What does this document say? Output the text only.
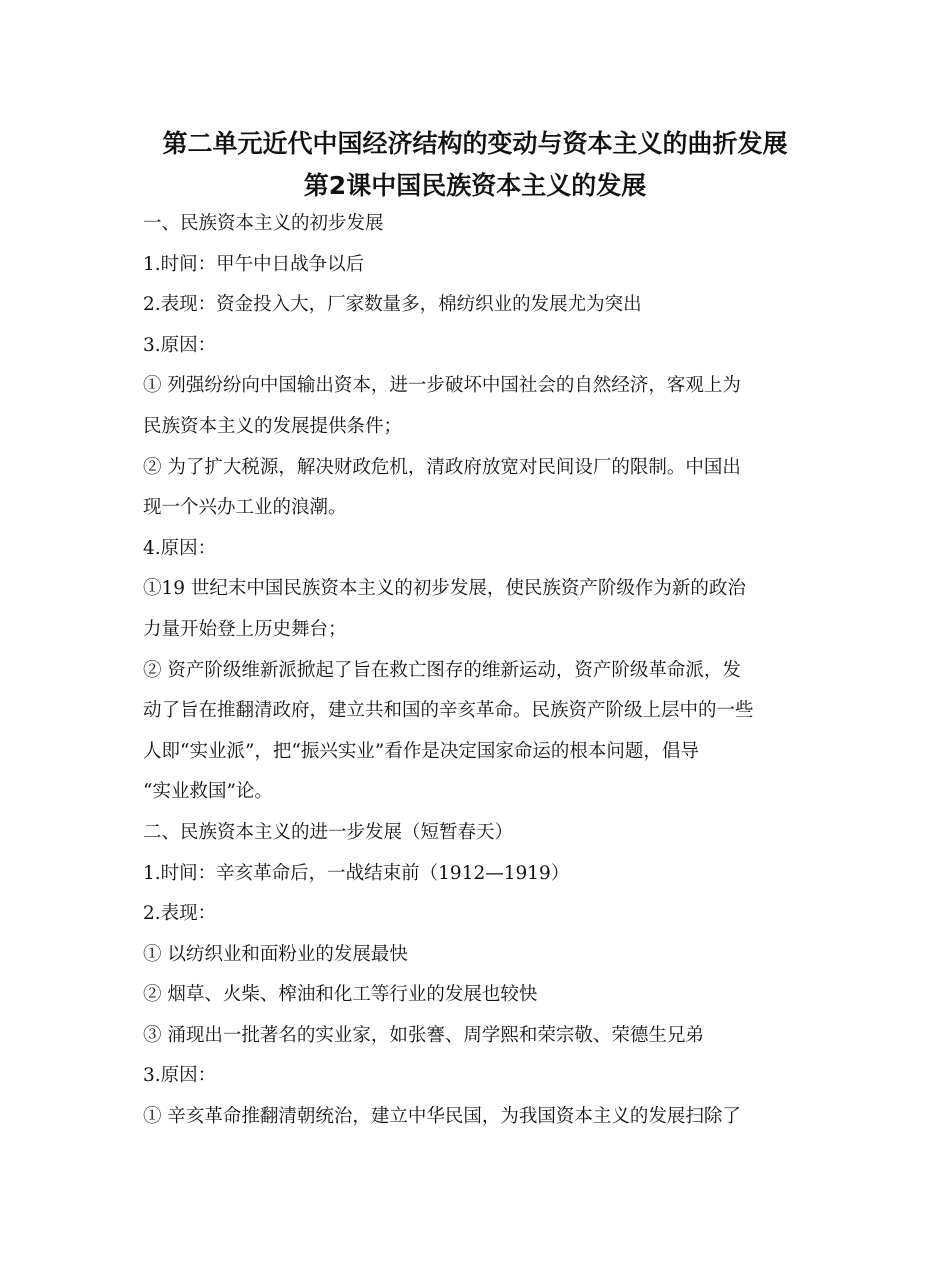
第二单元近代中国经济结构的变动与资本主义的曲折发展
第2课中国民族资本主义的发展

一、民族资本主义的初步发展

1.时间：甲午中日战争以后

2.表现：资金投入大，厂家数量多，棉纺织业的发展尤为突出

3.原因：

① 列强纷纷向中国输出资本，进一步破坏中国社会的自然经济，客观上为

民族资本主义的发展提供条件；

② 为了扩大税源，解决财政危机，清政府放宽对民间设厂的限制。中国出

现一个兴办工业的浪潮。

4.原因：

①19 世纪末中国民族资本主义的初步发展，使民族资产阶级作为新的政治

力量开始登上历史舞台；

② 资产阶级维新派掀起了旨在救亡图存的维新运动，资产阶级革命派，发

动了旨在推翻清政府，建立共和国的辛亥革命。民族资产阶级上层中的一些

人即“实业派”，把“振兴实业”看作是决定国家命运的根本问题，倡导

“实业救国”论。

二、民族资本主义的进一步发展（短暂春天）

1.时间：辛亥革命后，一战结束前（1912—1919）

2.表现：

① 以纺织业和面粉业的发展最快

② 烟草、火柴、榨油和化工等行业的发展也较快

③ 涌现出一批著名的实业家，如张謇、周学熙和荣宗敬、荣德生兄弟

3.原因：

① 辛亥革命推翻清朝统治，建立中华民国，为我国资本主义的发展扫除了
